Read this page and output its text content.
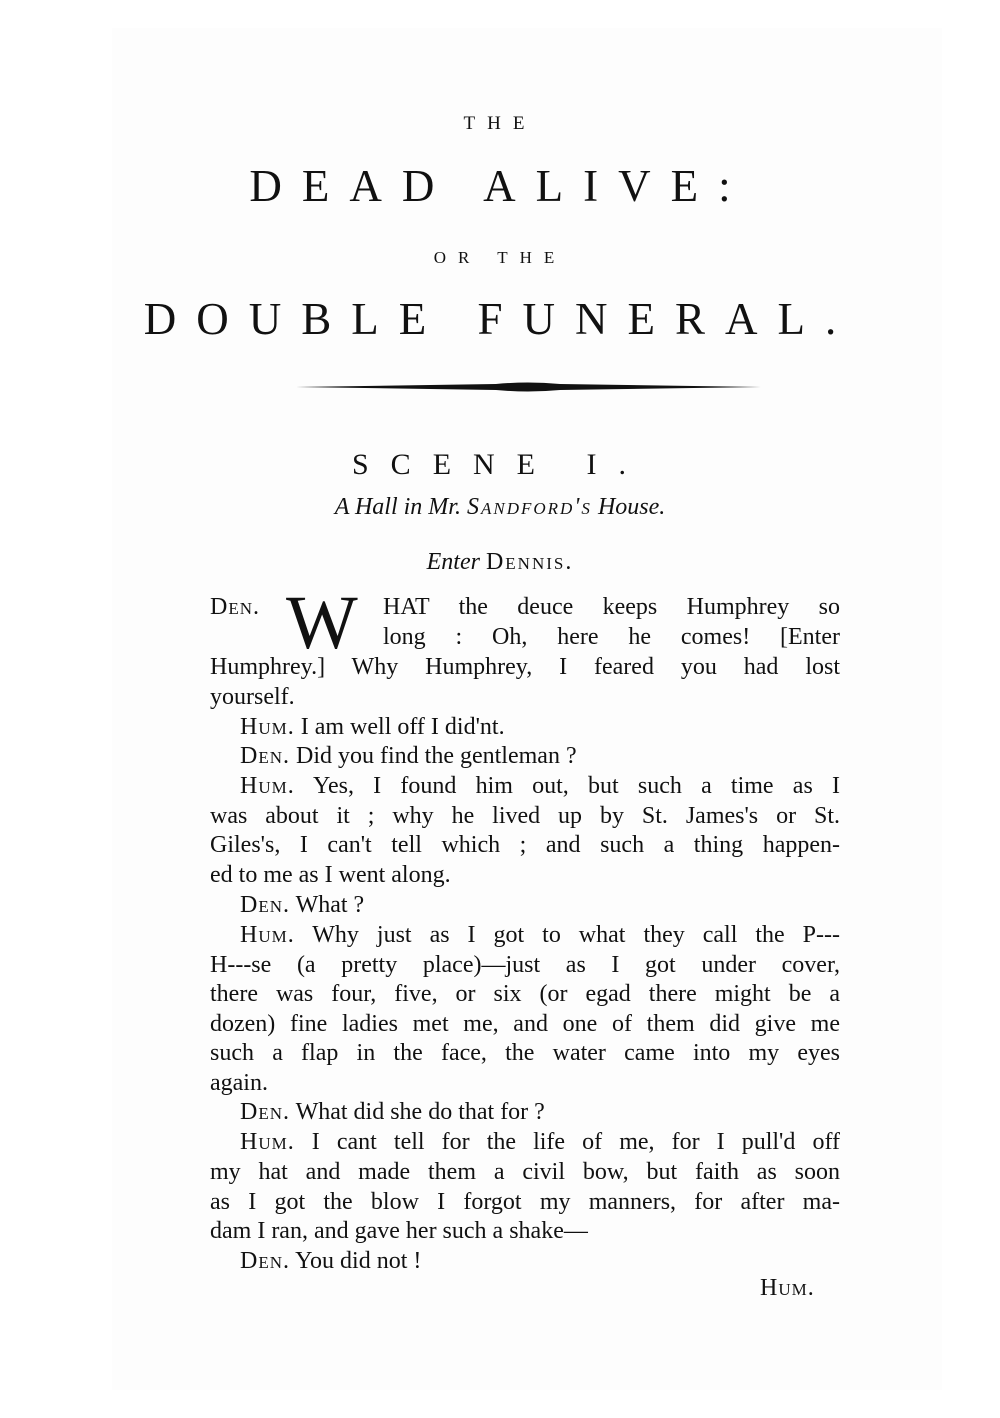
THE
DEAD ALIVE:
OR THE
DOUBLE FUNERAL.
SCENE I.
A Hall in Mr. Sandford's House.
Enter Dennis.
Den. W HAT the deuce keeps Humphrey so
long : Oh, here he comes! [Enter
Humphrey.] Why Humphrey, I feared you had lost
yourself.
Hum. I am well off I did'nt.
Den. Did you find the gentleman ?
Hum. Yes, I found him out, but such a time as I
was about it ; why he lived up by St. James's or St.
Giles's, I can't tell which ; and such a thing happen-
ed to me as I went along.
Den. What ?
Hum. Why just as I got to what they call the P---
H---se (a pretty place)—just as I got under cover,
there was four, five, or six (or egad there might be a
dozen) fine ladies met me, and one of them did give me
such a flap in the face, the water came into my eyes
again.
Den. What did she do that for ?
Hum. I cant tell for the life of me, for I pull'd off
my hat and made them a civil bow, but faith as soon
as I got the blow I forgot my manners, for after ma-
dam I ran, and gave her such a shake—
Den. You did not !
Hum.
